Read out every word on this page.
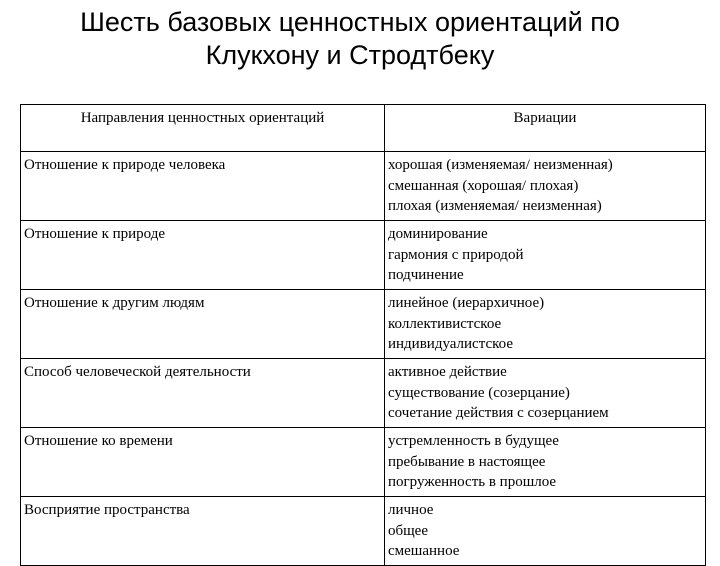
Шесть базовых ценностных ориентаций по
Клукхону и Стродтбеку
Направления ценностных ориентаций	Вариации
Отношение к природе человека	хорошая (изменяемая/ неизменная)
смешанная (хорошая/ плохая)
плохая (изменяемая/ неизменная)

Отношение к природе	доминирование
гармония с природой
подчинение

Отношение к другим людям	линейное (иерархичное)
коллективистское
индивидуалистское

Способ человеческой деятельности	активное действие
существование (созерцание)
сочетание действия с созерцанием

Отношение ко времени	устремленность в будущее
пребывание в настоящее
погруженность в прошлое

Восприятие пространства	личное
общее
смешанное
